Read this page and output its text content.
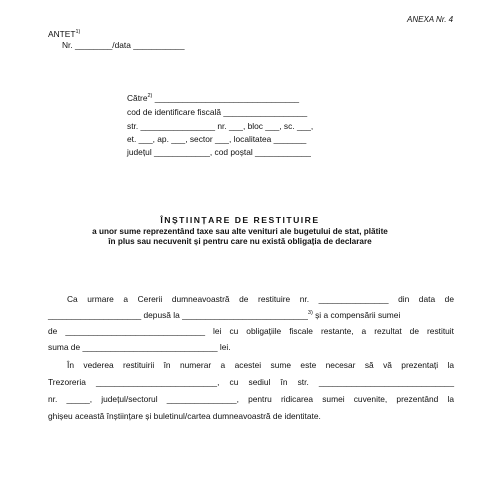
ANEXA Nr. 4
ANTET$^{1)}$
Nr. ________/data ___________
Către$^{2)}$ _______________________________
cod de identificare fiscală __________________
str. ________________ nr. ___, bloc ___, sc. ___,
et. ___, ap. ___, sector ___, localitatea _______
județul ____________, cod poștal ____________
ÎNȘTIINȚARE DE RESTITUIRE
a unor sume reprezentând taxe sau alte venituri ale bugetului de stat, plătite
în plus sau necuvenit și pentru care nu există obligația de declarare
Ca urmare a Cererii dumneavoastră de restituire nr. _______________ din data de
____________________ depusă la ___________________________$^{3)}$ și a compensării sumei
de ______________________________ lei cu obligațiile fiscale restante, a rezultat de restituit
suma de _____________________________ lei.
În vederea restituirii în numerar a acestei sume este necesar să vă prezentați la
Trezoreria __________________________, cu sediul în str. _____________________________
nr. _____, județul/sectorul _______________, pentru ridicarea sumei cuvenite, prezentând la
ghișeu această înștiințare și buletinul/cartea dumneavoastră de identitate.
